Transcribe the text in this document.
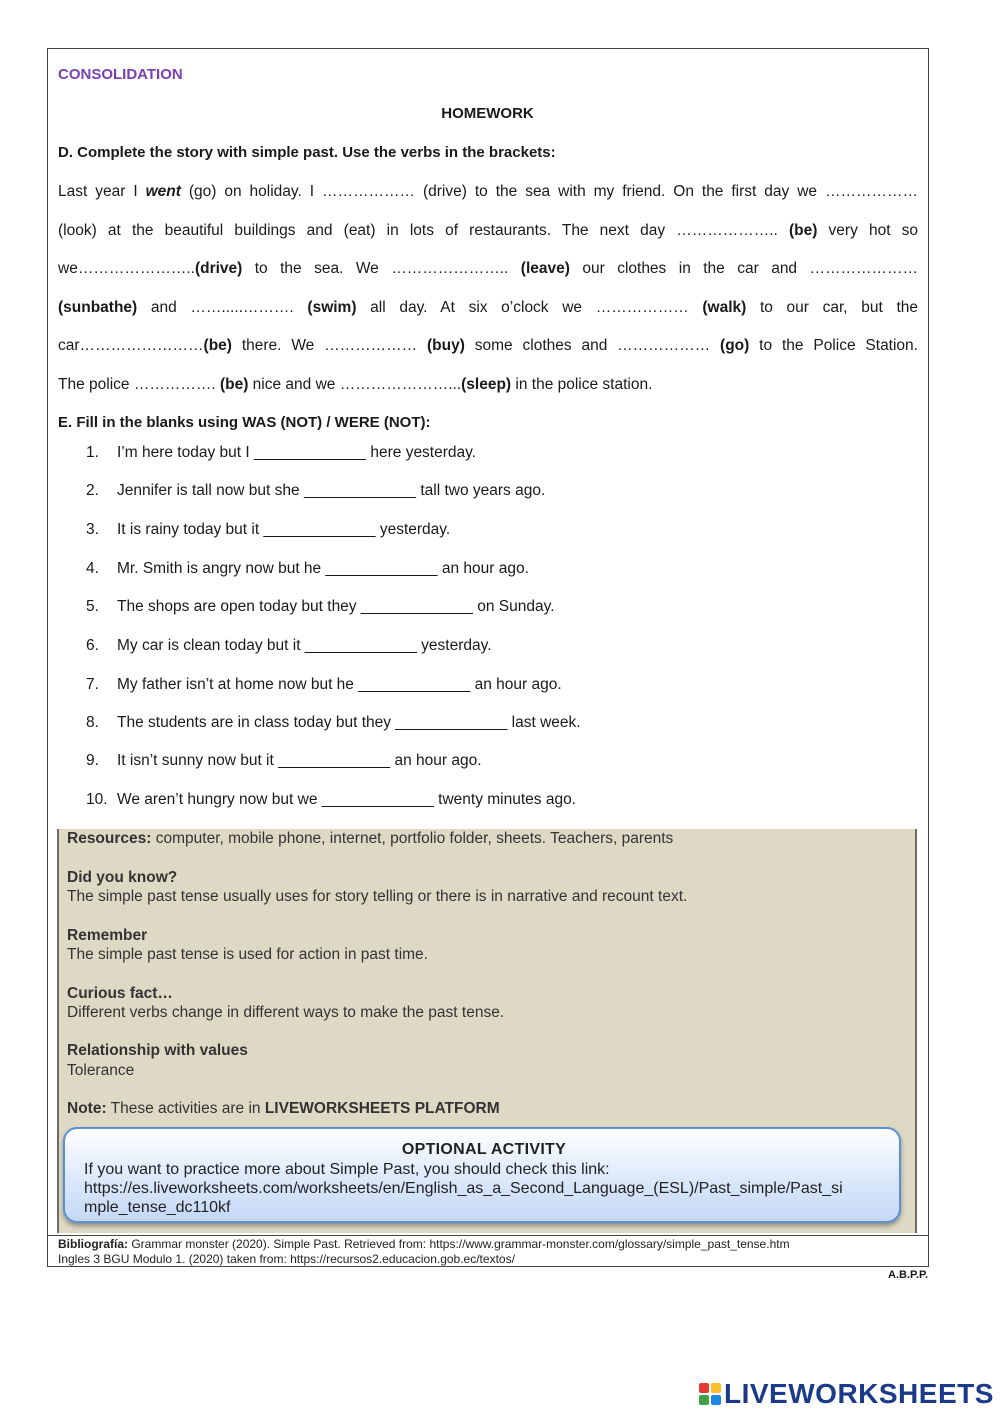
CONSOLIDATION
HOMEWORK
D. Complete the story with simple past. Use the verbs in the brackets:
Last year I went (go) on holiday. I ……………… (drive) to the sea with my friend. On the first day we ………………
(look) at the beautiful buildings and (eat) in lots of restaurants. The next day ……………….. (be) very hot so
we…………………..(drive) to the sea. We ………………….. (leave) our clothes in the car and …………………
(sunbathe) and …….....………. (swim) all day. At six o’clock we ……………… (walk) to our car, but the
car……………………(be) there. We ……………… (buy) some clothes and ……………… (go) to the Police Station.
The police ……………. (be) nice and we …………………...(sleep) in the police station.
E. Fill in the blanks using WAS (NOT) / WERE (NOT):
1. I’m here today but I _____________ here yesterday.
2. Jennifer is tall now but she _____________ tall two years ago.
3. It is rainy today but it _____________ yesterday.
4. Mr. Smith is angry now but he _____________ an hour ago.
5. The shops are open today but they _____________ on Sunday.
6. My car is clean today but it _____________ yesterday.
7. My father isn’t at home now but he _____________ an hour ago.
8. The students are in class today but they _____________ last week.
9. It isn’t sunny now but it _____________ an hour ago.
10. We aren’t hungry now but we _____________ twenty minutes ago.
Resources: computer, mobile phone, internet, portfolio folder, sheets. Teachers, parents
Did you know?
The simple past tense usually uses for story telling or there is in narrative and recount text.
Remember
The simple past tense is used for action in past time.
Curious fact…
Different verbs change in different ways to make the past tense.
Relationship with values
Tolerance
Note: These activities are in LIVEWORKSHEETS PLATFORM
OPTIONAL ACTIVITY
If you want to practice more about Simple Past, you should check this link:
https://es.liveworksheets.com/worksheets/en/English_as_a_Second_Language_(ESL)/Past_simple/Past_si
mple_tense_dc110kf
Bibliografía: Grammar monster (2020). Simple Past. Retrieved from: https://www.grammar-monster.com/glossary/simple_past_tense.htm
Ingles 3 BGU Modulo 1. (2020) taken from: https://recursos2.educacion.gob.ec/textos/
A.B.P.P.
LIVEWORKSHEETS
